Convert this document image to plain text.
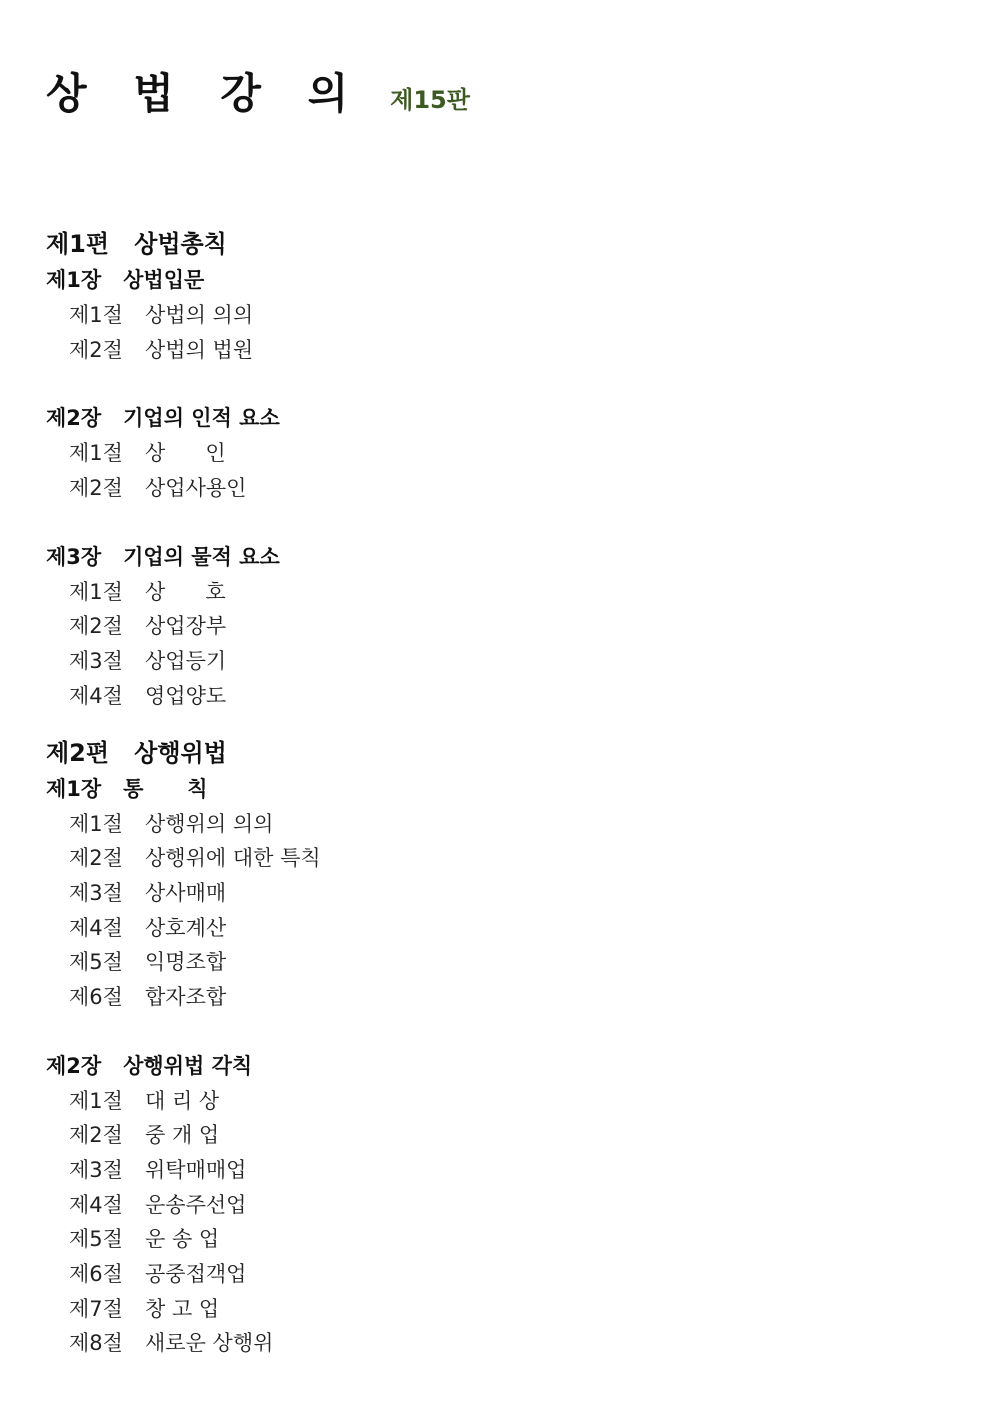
상 법 강 의 제15판
제1편   상법총칙
제1장   상법입문
제1절 상법의 의의
제2절 상법의 법원
제2장   기업의 인적 요소
제1절 상      인
제2절 상업사용인
제3장   기업의 물적 요소
제1절 상      호
제2절 상업장부
제3절 상업등기
제4절 영업양도
제2편   상행위법
제1장   통      칙
제1절 상행위의 의의
제2절 상행위에 대한 특칙
제3절 상사매매
제4절 상호계산
제5절 익명조합
제6절 합자조합
제2장   상행위법 각칙
제1절 대 리 상
제2절 중 개 업
제3절 위탁매매업
제4절 운송주선업
제5절 운 송 업
제6절 공중접객업
제7절 창 고 업
제8절 새로운 상행위
